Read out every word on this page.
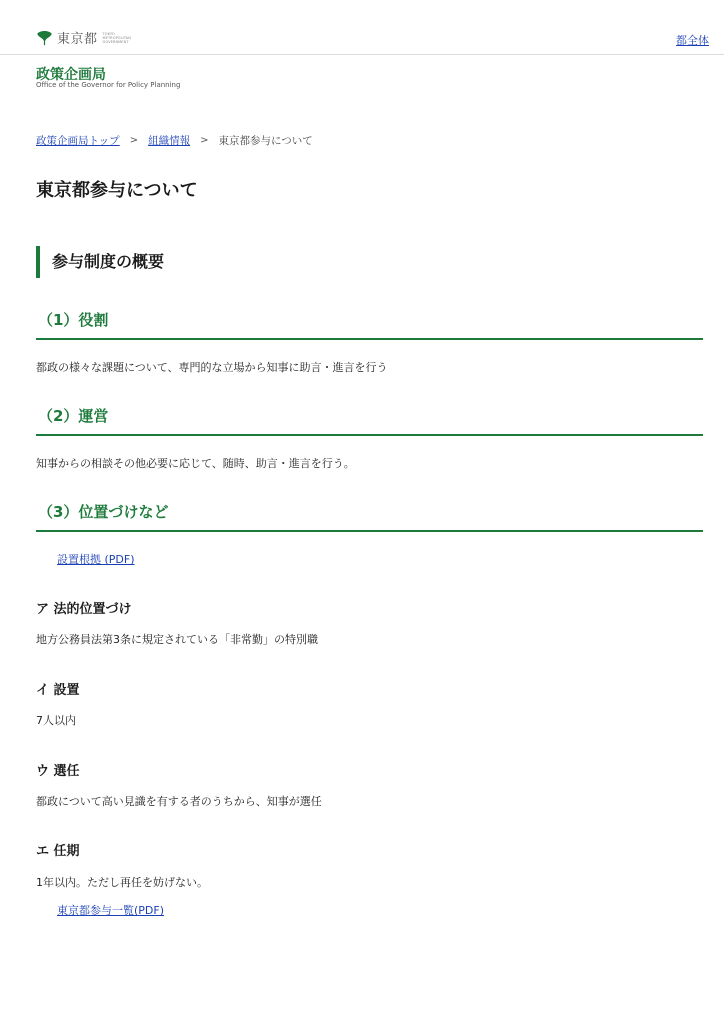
東京都 TOKYO METROPOLITAN GOVERNMENT	都全体
政策企画局
Office of the Governor for Policy Planning
政策企画局トップ > 組織情報 > 東京都参与について
東京都参与について
参与制度の概要
（1）役割

都政の様々な課題について、専門的な立場から知事に助言・進言を行う

（2）運営

知事からの相談その他必要に応じて、随時、助言・進言を行う。

（3）位置づけなど
設置根拠 (PDF)
ア 法的位置づけ

地方公務員法第3条に規定されている「非常勤」の特別職

イ 設置

7人以内

ウ 選任

都政について高い見識を有する者のうちから、知事が選任

エ 任期

1年以内。ただし再任を妨げない。

東京都参与一覧(PDF)
